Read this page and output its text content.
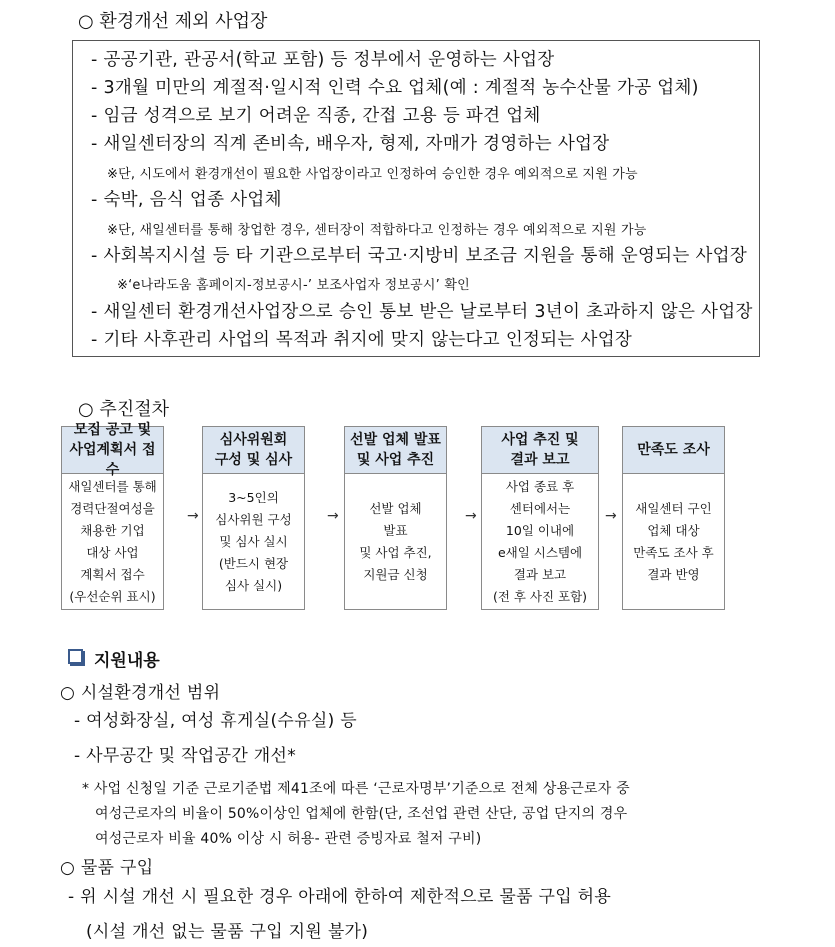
○ 환경개선 제외 사업장
- 공공기관, 관공서(학교 포함) 등 정부에서 운영하는 사업장
- 3개월 미만의 계절적·일시적 인력 수요 업체(예 : 계절적 농수산물 가공 업체)
- 임금 성격으로 보기 어려운 직종, 간접 고용 등 파견 업체
- 새일센터장의 직계 존비속, 배우자, 형제, 자매가 경영하는 사업장
※단, 시도에서 환경개선이 필요한 사업장이라고 인정하여 승인한 경우 예외적으로 지원 가능
- 숙박, 음식 업종 사업체
※단, 새일센터를 통해 창업한 경우, 센터장이 적합하다고 인정하는 경우 예외적으로 지원 가능
- 사회복지시설 등 타 기관으로부터 국고·지방비 보조금 지원을 통해 운영되는 사업장
※‘e나라도움 홈페이지-정보공시-’ 보조사업자 정보공시’ 확인
- 새일센터 환경개선사업장으로 승인 통보 받은 날로부터 3년이 초과하지 않은 사업장
- 기타 사후관리 사업의 목적과 취지에 맞지 않는다고 인정되는 사업장
○ 추진절차
모집 공고 및
사업계획서 접수
새일센터를 통해
경력단절여성을
채용한 기업
대상 사업
계획서 접수
(우선순위 표시)
→
심사위원회
구성 및 심사
3~5인의
심사위원 구성
및 심사 실시
(반드시 현장
심사 실시)
→
선발 업체 발표
및 사업 추진
선발 업체
발표
및 사업 추진,
지원금 신청
→
사업 추진 및
결과 보고
사업 종료 후
센터에서는
10일 이내에
e새일 시스템에
결과 보고
(전 후 사진 포함)
→
만족도 조사
새일센터 구인
업체 대상
만족도 조사 후
결과 반영
지원내용
○ 시설환경개선 범위
- 여성화장실, 여성 휴게실(수유실) 등
- 사무공간 및 작업공간 개선*
* 사업 신청일 기준 근로기준법 제41조에 따른 ‘근로자명부’기준으로 전체 상용근로자 중
여성근로자의 비율이 50%이상인 업체에 한함(단, 조선업 관련 산단, 공업 단지의 경우
여성근로자 비율 40% 이상 시 허용- 관련 증빙자료 철저 구비)
○ 물품 구입
- 위 시설 개선 시 필요한 경우 아래에 한하여 제한적으로 물품 구입 허용
(시설 개선 없는 물품 구입 지원 불가)
